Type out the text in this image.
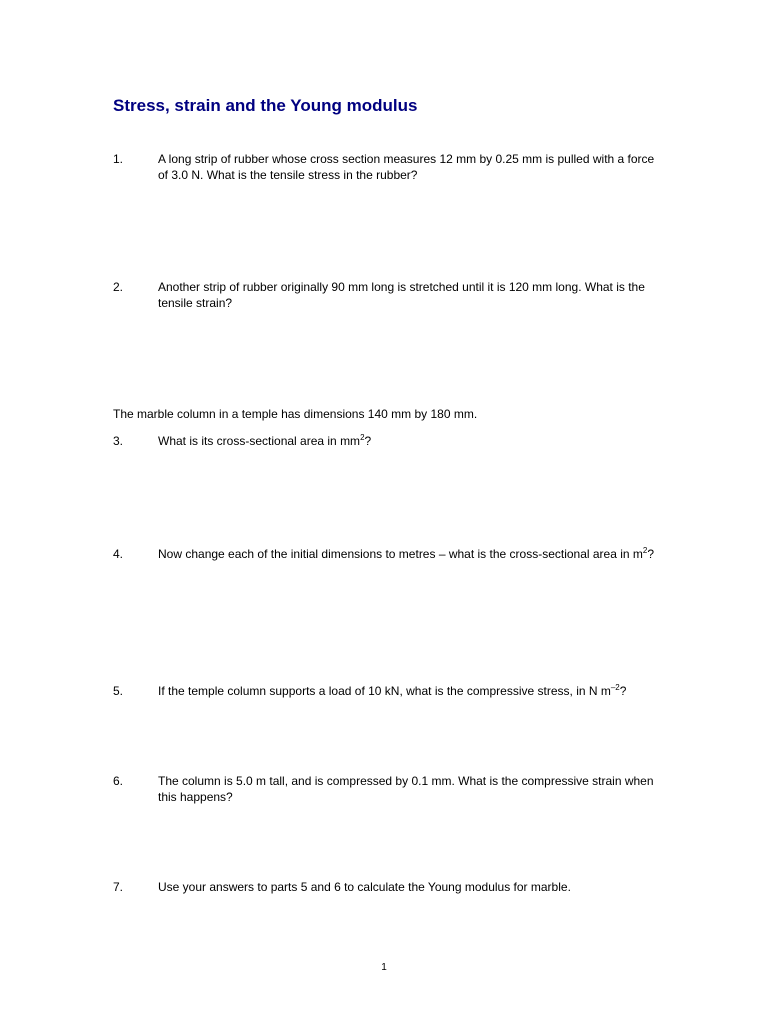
Stress, strain and the Young modulus
1.	A long strip of rubber whose cross section measures 12 mm by 0.25 mm is pulled with a force of 3.0 N. What is the tensile stress in the rubber?
2.	Another strip of rubber originally 90 mm long is stretched until it is 120 mm long. What is the tensile strain?
The marble column in a temple has dimensions 140 mm by 180 mm.
3.	What is its cross-sectional area in $mm^2$?
4.	Now change each of the initial dimensions to metres – what is the cross-sectional area in $m^2$?
5.	If the temple column supports a load of 10 kN, what is the compressive stress, in N $m^{-2}$?
6.	The column is 5.0 m tall, and is compressed by 0.1 mm. What is the compressive strain when this happens?
7.	Use your answers to parts 5 and 6 to calculate the Young modulus for marble.
1
